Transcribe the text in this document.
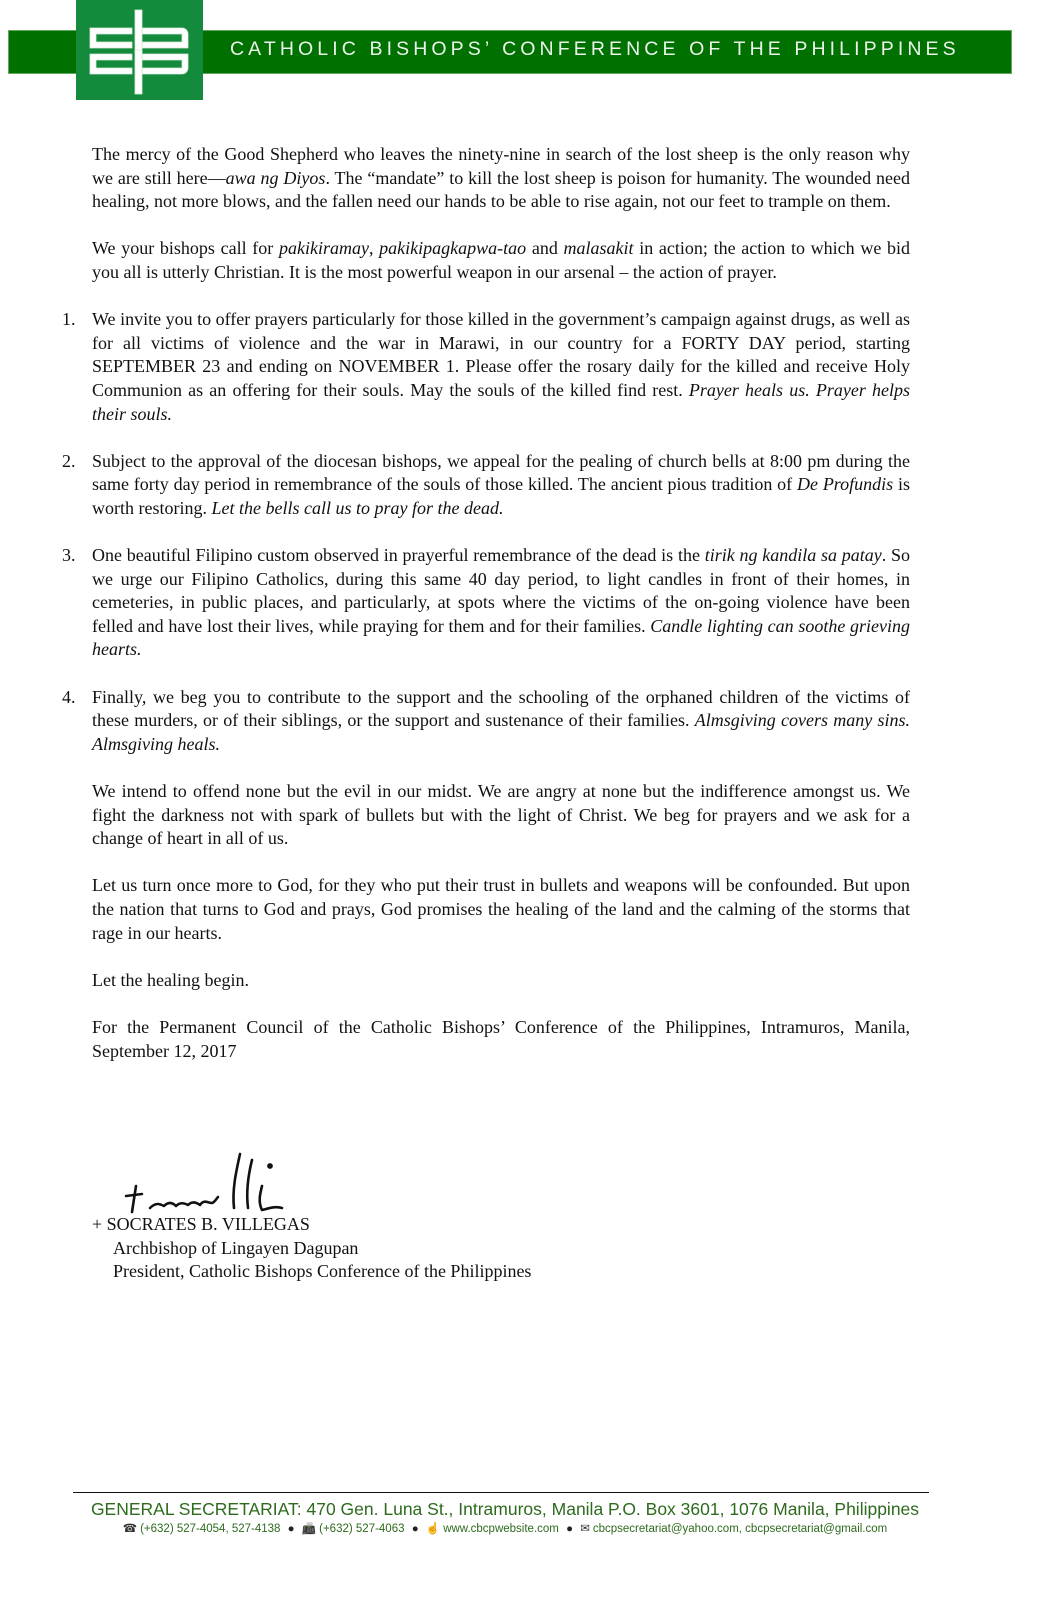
CATHOLIC BISHOPS’ CONFERENCE OF THE PHILIPPINES

The mercy of the Good Shepherd who leaves the ninety-nine in search of the lost sheep is the only reason why we are still here—awa ng Diyos. The “mandate” to kill the lost sheep is poison for humanity. The wounded need healing, not more blows, and the fallen need our hands to be able to rise again, not our feet to trample on them.

We your bishops call for pakikiramay, pakikipagkapwa-tao and malasakit in action; the action to which we bid you all is utterly Christian. It is the most powerful weapon in our arsenal – the action of prayer.

1. We invite you to offer prayers particularly for those killed in the government’s campaign against drugs, as well as for all victims of violence and the war in Marawi, in our country for a FORTY DAY period, starting SEPTEMBER 23 and ending on NOVEMBER 1. Please offer the rosary daily for the killed and receive Holy Communion as an offering for their souls. May the souls of the killed find rest. Prayer heals us. Prayer helps their souls.
2. Subject to the approval of the diocesan bishops, we appeal for the pealing of church bells at 8:00 pm during the same forty day period in remembrance of the souls of those killed. The ancient pious tradition of De Profundis is worth restoring. Let the bells call us to pray for the dead.
3. One beautiful Filipino custom observed in prayerful remembrance of the dead is the tirik ng kandila sa patay. So we urge our Filipino Catholics, during this same 40 day period, to light candles in front of their homes, in cemeteries, in public places, and particularly, at spots where the victims of the on-going violence have been felled and have lost their lives, while praying for them and for their families. Candle lighting can soothe grieving hearts.
4. Finally, we beg you to contribute to the support and the schooling of the orphaned children of the victims of these murders, or of their siblings, or the support and sustenance of their families. Almsgiving covers many sins. Almsgiving heals.

We intend to offend none but the evil in our midst. We are angry at none but the indifference amongst us. We fight the darkness not with spark of bullets but with the light of Christ. We beg for prayers and we ask for a change of heart in all of us.

Let us turn once more to God, for they who put their trust in bullets and weapons will be confounded. But upon the nation that turns to God and prays, God promises the healing of the land and the calming of the storms that rage in our hearts.

Let the healing begin.

For the Permanent Council of the Catholic Bishops’ Conference of the Philippines, Intramuros, Manila, September 12, 2017

+ SOCRATES B. VILLEGAS
Archbishop of Lingayen Dagupan
President, Catholic Bishops Conference of the Philippines
GENERAL SECRETARIAT: 470 Gen. Luna St., Intramuros, Manila P.O. Box 3601, 1076 Manila, Philippines
☎ (+632) 527-4054, 527-4138 ● 📠 (+632) 527-4063 ● ☝ www.cbcpwebsite.com ● ✉ cbcpsecretariat@yahoo.com, cbcpsecretariat@gmail.com
